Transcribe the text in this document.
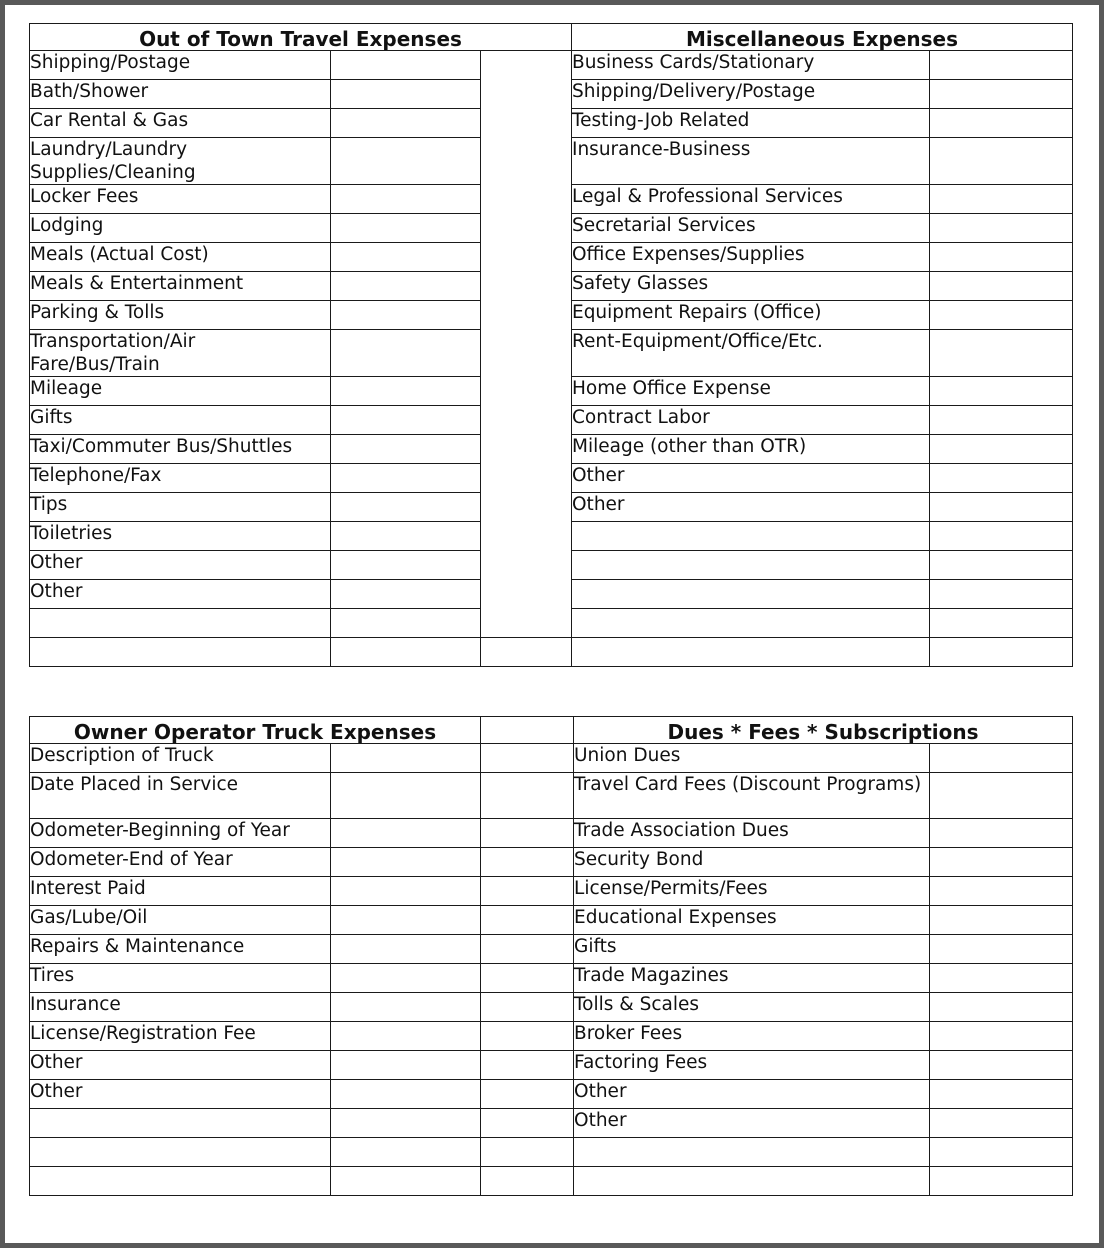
Out of Town Travel Expenses			Miscellaneous Expenses	
Shipping/Postage			Business Cards/Stationary	
Bath/Shower			Shipping/Delivery/Postage	
Car Rental & Gas			Testing-Job Related	
Laundry/Laundry Supplies/Cleaning			Insurance-Business	
Locker Fees			Legal & Professional Services	
Lodging			Secretarial Services	
Meals (Actual Cost)			Office Expenses/Supplies	
Meals & Entertainment			Safety Glasses	
Parking & Tolls			Equipment Repairs (Office)	
Transportation/Air Fare/Bus/Train			Rent-Equipment/Office/Etc.	
Mileage			Home Office Expense	
Gifts			Contract Labor	
Taxi/Commuter Bus/Shuttles			Mileage (other than OTR)	
Telephone/Fax			Other	
Tips			Other	
Toiletries				
Other				
Other				

Owner Operator Truck Expenses			Dues * Fees * Subscriptions	
Description of Truck			Union Dues	
Date Placed in Service			Travel Card Fees (Discount Programs)	
Odometer-Beginning of Year			Trade Association Dues	
Odometer-End of Year			Security Bond	
Interest Paid			License/Permits/Fees	
Gas/Lube/Oil			Educational Expenses	
Repairs & Maintenance			Gifts	
Tires			Trade Magazines	
Insurance			Tolls & Scales	
License/Registration Fee			Broker Fees	
Other			Factoring Fees	
Other			Other	
			Other	
